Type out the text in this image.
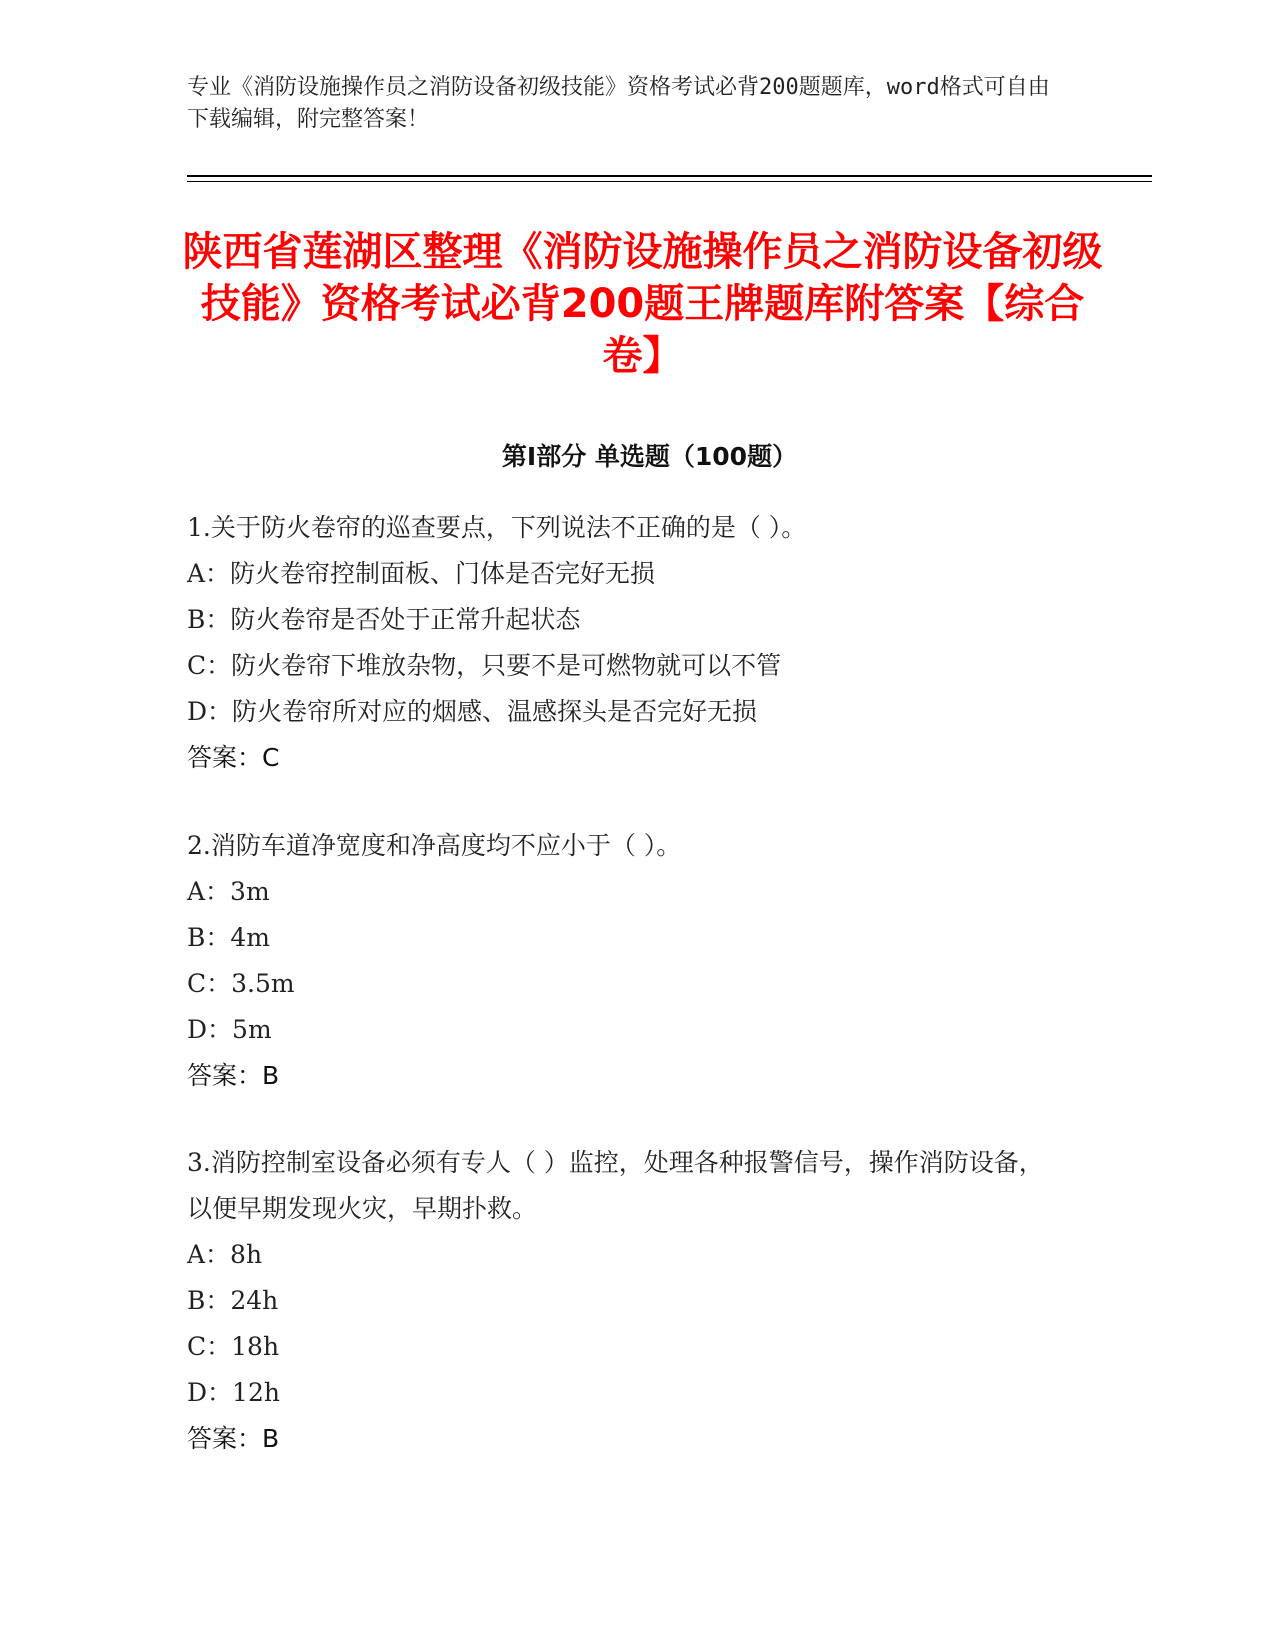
专业《消防设施操作员之消防设备初级技能》资格考试必背200题题库，word格式可自由下载编辑，附完整答案！
陕西省莲湖区整理《消防设施操作员之消防设备初级技能》资格考试必背200题王牌题库附答案【综合卷】
第Ⅰ部分 单选题（100题）
1.关于防火卷帘的巡查要点，下列说法不正确的是（ ）。
A：防火卷帘控制面板、门体是否完好无损
B：防火卷帘是否处于正常升起状态
C：防火卷帘下堆放杂物，只要不是可燃物就可以不管
D：防火卷帘所对应的烟感、温感探头是否完好无损
答案：C
2.消防车道净宽度和净高度均不应小于（ ）。
A：3m
B：4m
C：3.5m
D：5m
答案：B
3.消防控制室设备必须有专人（ ）监控，处理各种报警信号，操作消防设备，以便早期发现火灾，早期扑救。
A：8h
B：24h
C：18h
D：12h
答案：B
